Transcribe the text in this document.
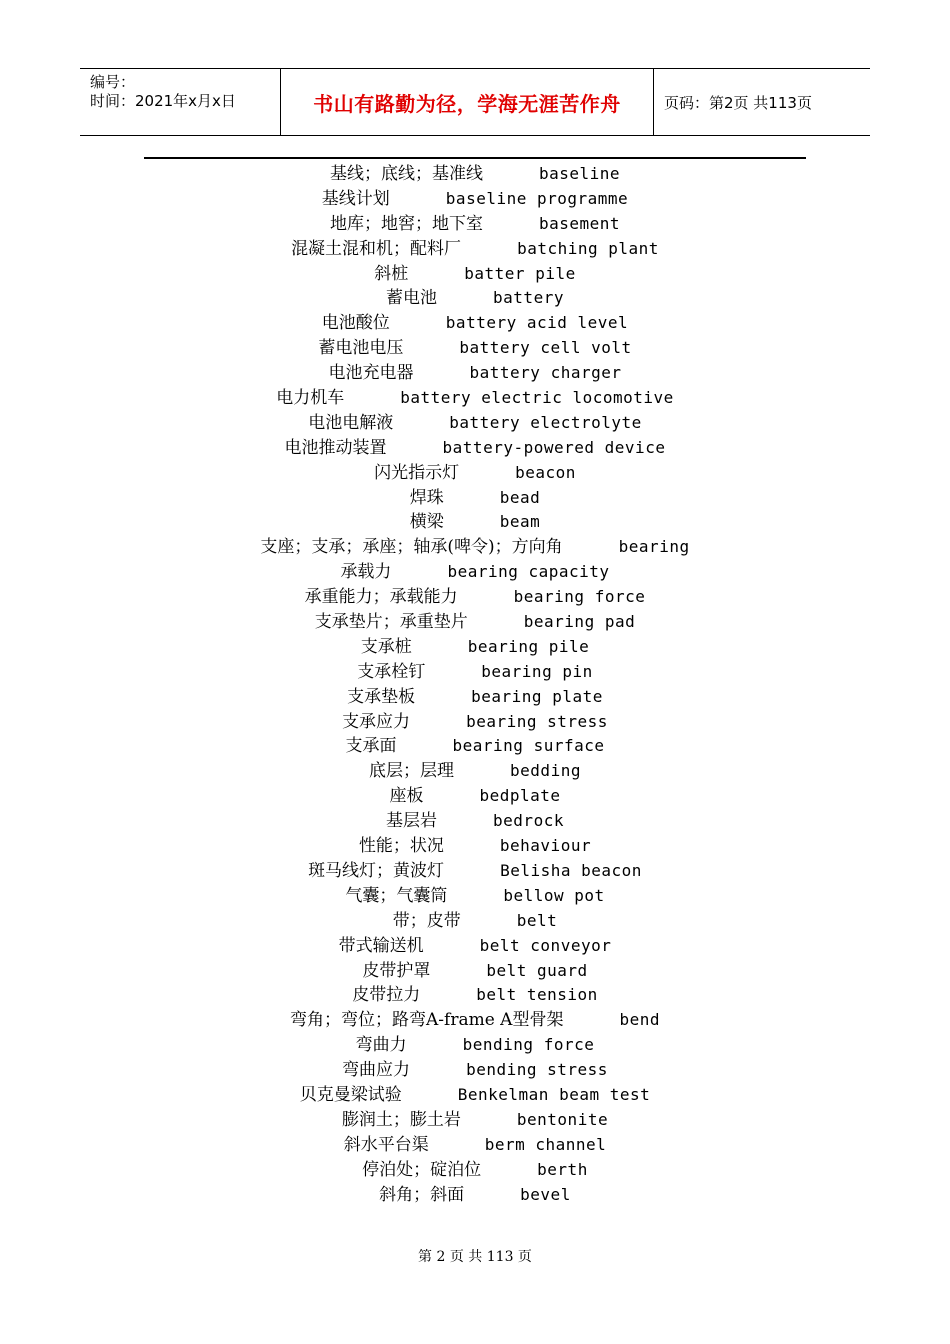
编号：
时间：2021年x月x日	书山有路勤为径，学海无涯苦作舟	页码：第2页 共113页
基线；底线；基准线	baseline
基线计划	baseline programme
地库；地窖；地下室	basement
混凝土混和机；配料厂	batching plant
斜桩	batter pile
蓄电池	battery
电池酸位	battery acid level
蓄电池电压	battery cell volt
电池充电器	battery charger
电力机车	battery electric locomotive
电池电解液	battery electrolyte
电池推动装置	battery-powered device
闪光指示灯	beacon
焊珠	bead
横梁	beam
支座；支承；承座；轴承(啤令)；方向角	bearing
承载力	bearing capacity
承重能力；承载能力	bearing force
支承垫片；承重垫片	bearing pad
支承桩	bearing pile
支承栓钉	bearing pin
支承垫板	bearing plate
支承应力	bearing stress
支承面	bearing surface
底层；层理	bedding
座板	bedplate
基层岩	bedrock
性能；状况	behaviour
斑马线灯；黄波灯	Belisha beacon
气囊；气囊筒	bellow pot
带；皮带	belt
带式输送机	belt conveyor
皮带护罩	belt guard
皮带拉力	belt tension
弯角；弯位；路弯A-frame A型骨架	bend
弯曲力	bending force
弯曲应力	bending stress
贝克曼梁试验	Benkelman beam test
膨润土；膨土岩	bentonite
斜水平台渠	berm channel
停泊处；碇泊位	berth
斜角；斜面	bevel
第 2 页 共 113 页
